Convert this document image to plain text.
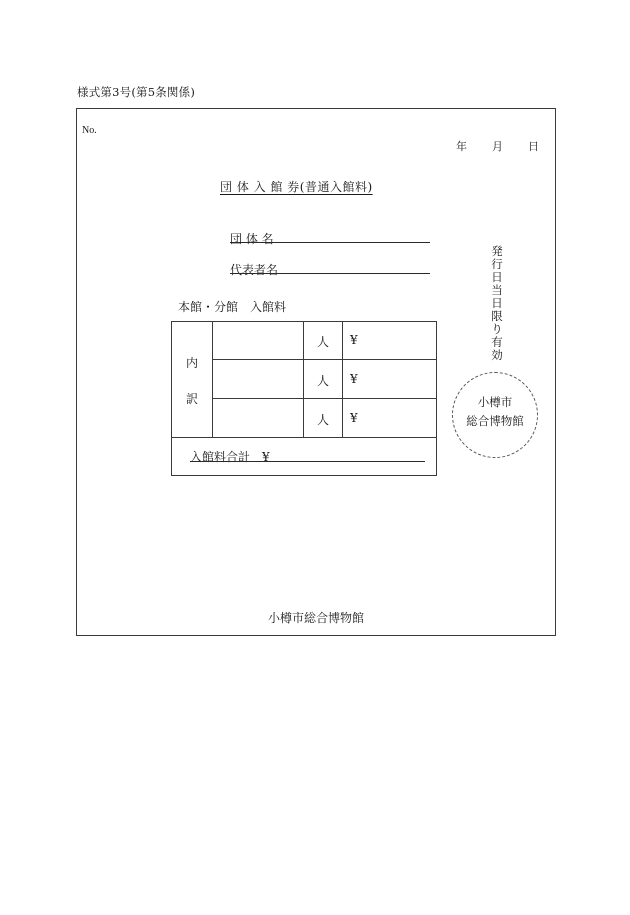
様式第3号(第5条関係)
No.
年 月 日
団 体 入 館 券(普通入館料)
団 体 名
代表者名
本館・分館　入館料
内
訳
人 ¥
人 ¥
人 ¥
入館料合計　¥
発行日当日限り有効
小樽市
総合博物館
小樽市総合博物館
